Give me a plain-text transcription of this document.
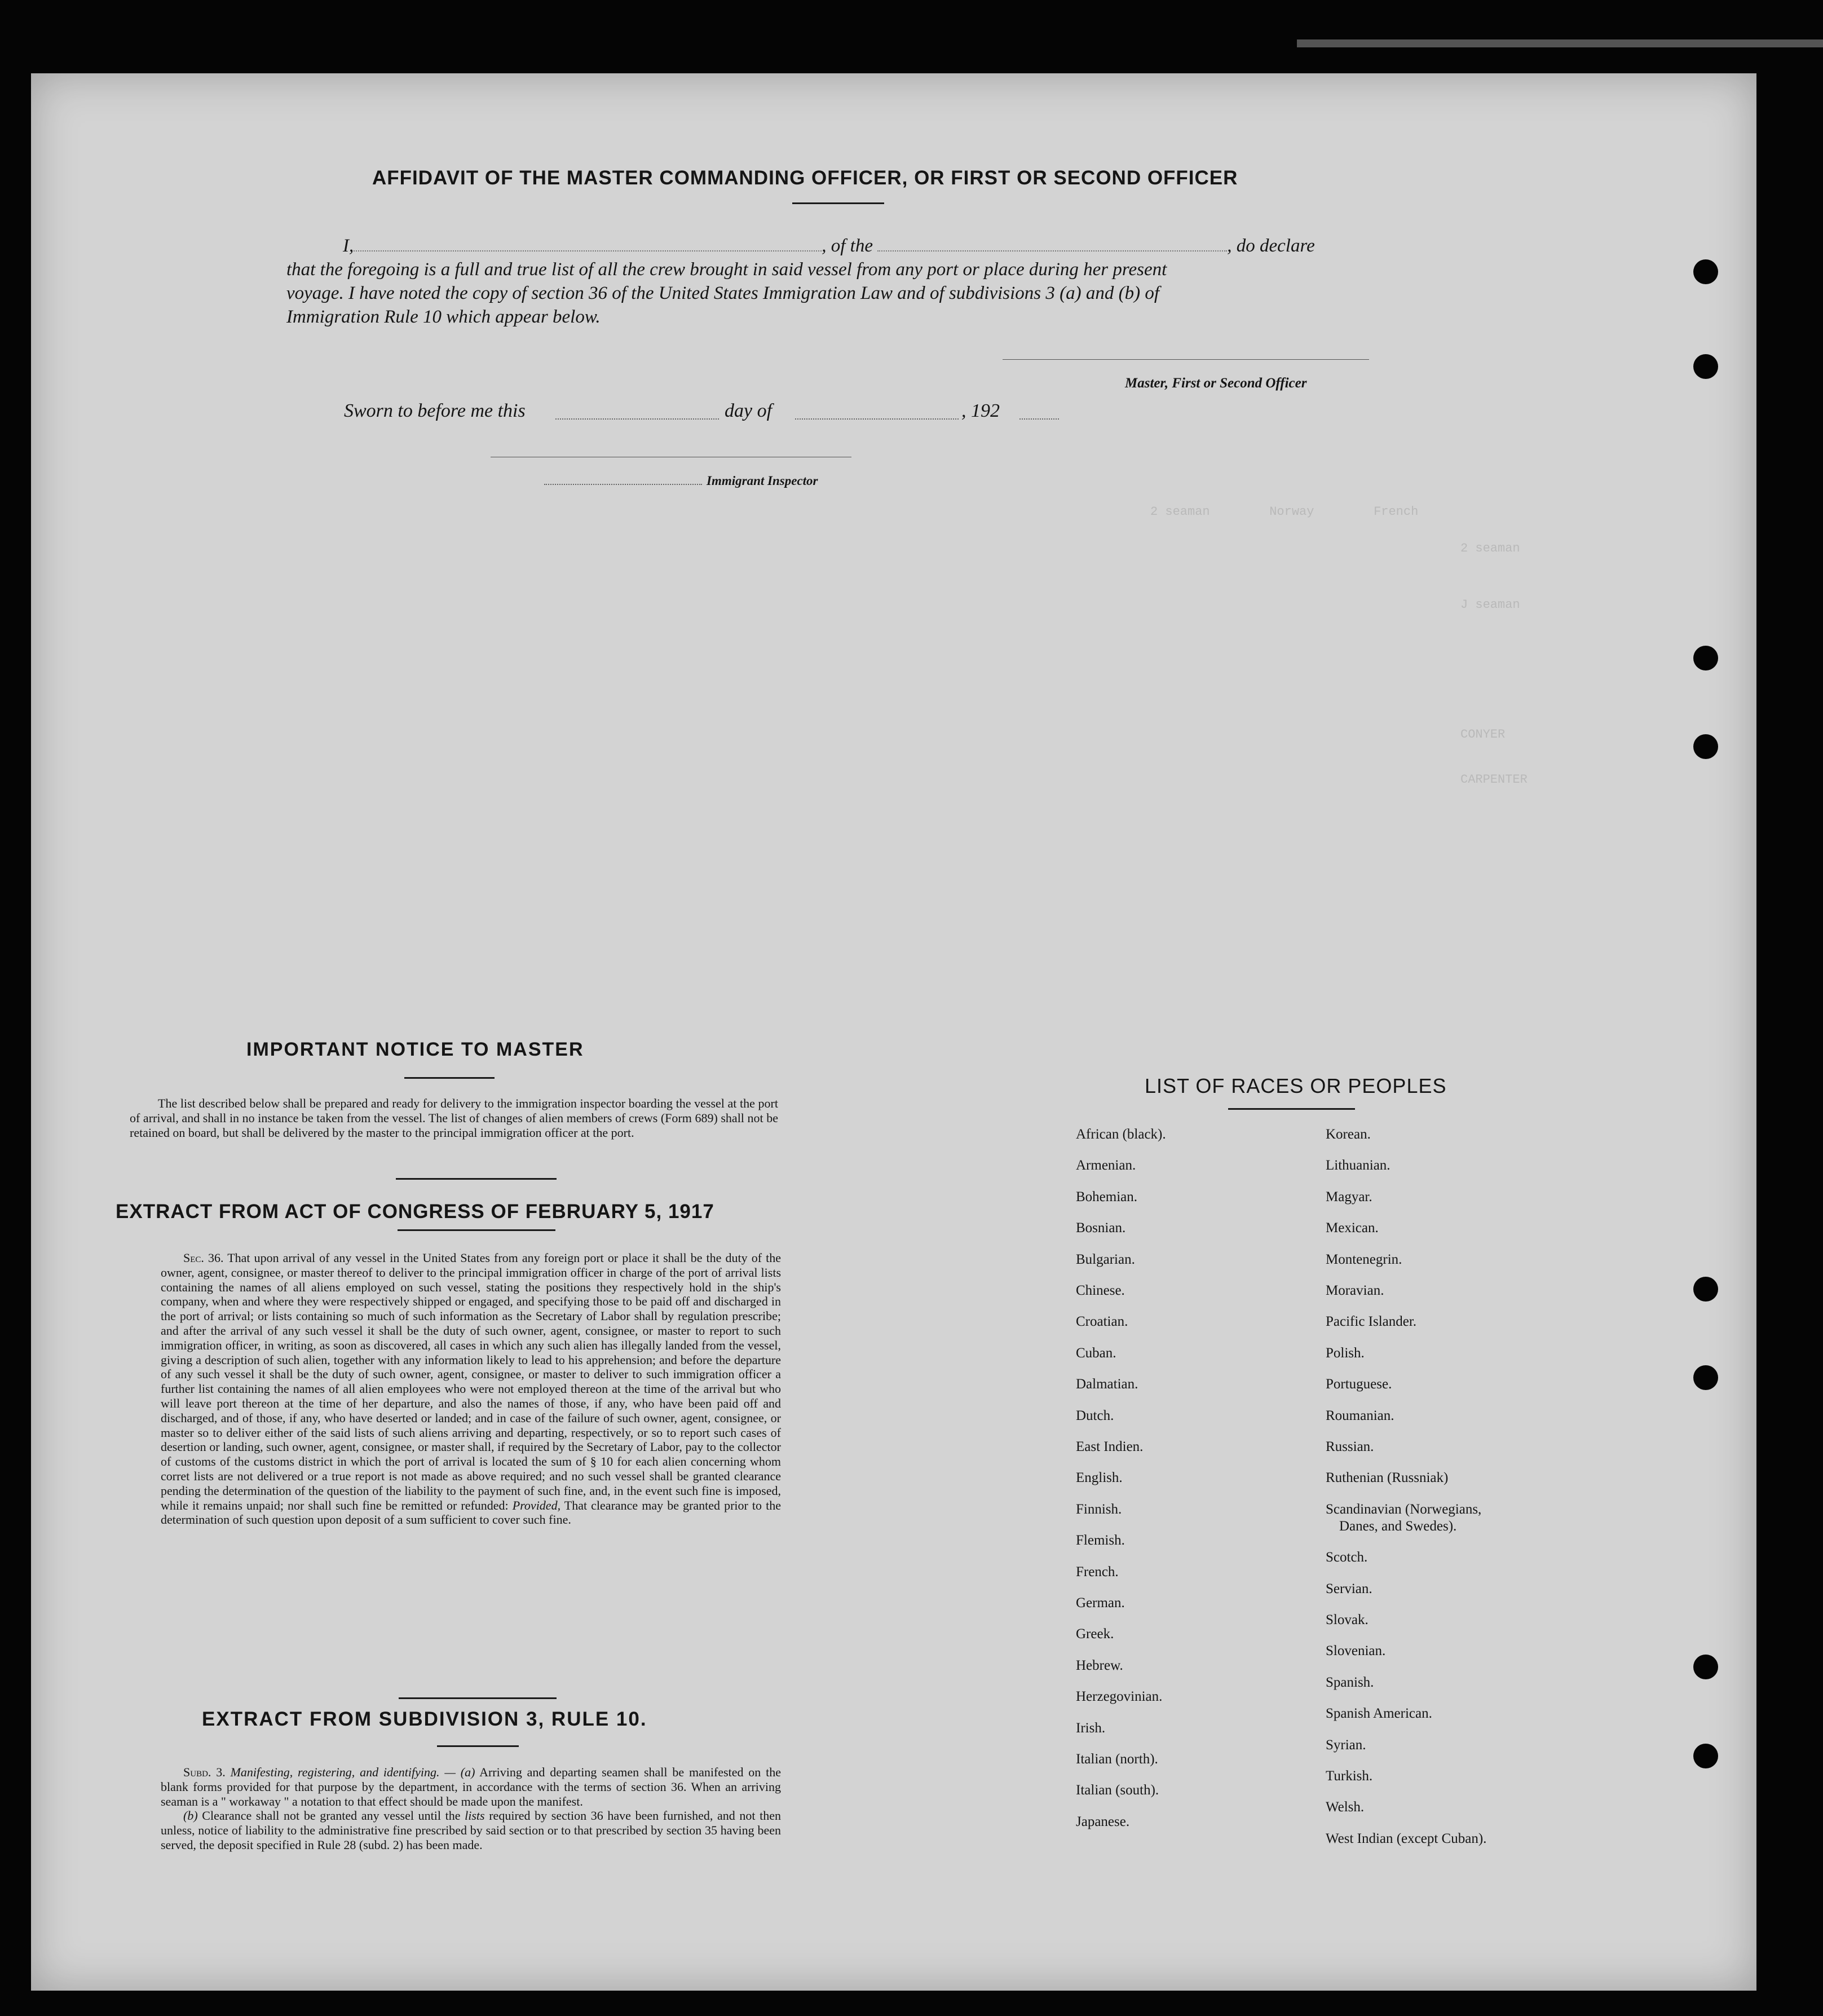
AFFIDAVIT OF THE MASTER COMMANDING OFFICER, OR FIRST OR SECOND OFFICER
I,	, of the	, do declare
that the foregoing is a full and true list of all the crew brought in said vessel from any port or place during her present
voyage. I have noted the copy of section 36 of the United States Immigration Law and of subdivisions 3 (a) and (b) of
Immigration Rule 10 which appear below.
Master, First or Second Officer
Sworn to before me this	day of	, 192
Immigrant Inspector
2 seaman        Norway        French
2 seaman
J seaman
CONYER
CARPENTER
IMPORTANT NOTICE TO MASTER
The list described below shall be prepared and ready for delivery to the immigration inspector boarding the vessel at the port of arrival, and shall in no instance be taken from the vessel. The list of changes of alien members of crews (Form 689) shall not be retained on board, but shall be delivered by the master to the principal immigration officer at the port.
EXTRACT FROM ACT OF CONGRESS OF FEBRUARY 5, 1917
Sec. 36. That upon arrival of any vessel in the United States from any foreign port or place it shall be the duty of the owner, agent, consignee, or master thereof to deliver to the principal immigration officer in charge of the port of arrival lists containing the names of all aliens employed on such vessel, stating the positions they respectively hold in the ship's company, when and where they were respectively shipped or engaged, and specifying those to be paid off and discharged in the port of arrival; or lists containing so much of such information as the Secretary of Labor shall by regulation prescribe; and after the arrival of any such vessel it shall be the duty of such owner, agent, consignee, or master to report to such immigration officer, in writing, as soon as discovered, all cases in which any such alien has illegally landed from the vessel, giving a description of such alien, together with any information likely to lead to his apprehension; and before the departure of any such vessel it shall be the duty of such owner, agent, consignee, or master to deliver to such immigration officer a further list containing the names of all alien employees who were not employed thereon at the time of the arrival but who will leave port thereon at the time of her departure, and also the names of those, if any, who have been paid off and discharged, and of those, if any, who have deserted or landed; and in case of the failure of such owner, agent, consignee, or master so to deliver either of the said lists of such aliens arriving and departing, respectively, or so to report such cases of desertion or landing, such owner, agent, consignee, or master shall, if required by the Secretary of Labor, pay to the collector of customs of the customs district in which the port of arrival is located the sum of § 10 for each alien concerning whom corret lists are not delivered or a true report is not made as above required; and no such vessel shall be granted clearance pending the determination of the question of the liability to the payment of such fine, and, in the event such fine is imposed, while it remains unpaid; nor shall such fine be remitted or refunded: Provided, That clearance may be granted prior to the determination of such question upon deposit of a sum sufficient to cover such fine.
EXTRACT FROM SUBDIVISION 3, RULE 10.

Subd. 3. Manifesting, registering, and identifying. — (a) Arriving and departing seamen shall be manifested on the blank forms provided for that purpose by the department, in accordance with the terms of section 36. When an arriving seaman is a " workaway " a notation to that effect should be made upon the manifest.

(b) Clearance shall not be granted any vessel until the lists required by section 36 have been furnished, and not then unless, notice of liability to the administrative fine prescribed by said section or to that prescribed by section 35 having been served, the deposit specified in Rule 28 (subd. 2) has been made.

LIST OF RACES OR PEOPLES
African (black).
Armenian.
Bohemian.
Bosnian.
Bulgarian.
Chinese.
Croatian.
Cuban.
Dalmatian.
Dutch.
East Indien.
English.
Finnish.
Flemish.
French.
German.
Greek.
Hebrew.
Herzegovinian.
Irish.
Italian (north).
Italian (south).
Japanese.
Korean.
Lithuanian.
Magyar.
Mexican.
Montenegrin.
Moravian.
Pacific Islander.
Polish.
Portuguese.
Roumanian.
Russian.
Ruthenian (Russniak)
Scandinavian (Norwegians,
Danes, and Swedes).
Scotch.
Servian.
Slovak.
Slovenian.
Spanish.
Spanish American.
Syrian.
Turkish.
Welsh.
West Indian (except Cuban).
